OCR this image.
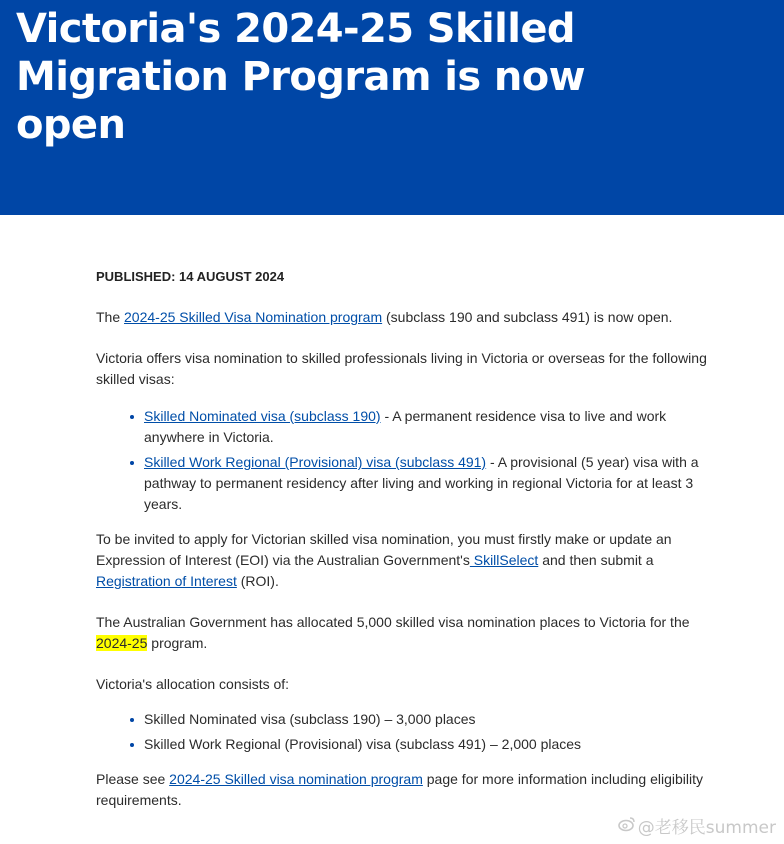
Victoria's 2024-25 Skilled Migration Program is now open
PUBLISHED: 14 AUGUST 2024

The 2024-25 Skilled Visa Nomination program (subclass 190 and subclass 491) is now open.

Victoria offers visa nomination to skilled professionals living in Victoria or overseas for the following skilled visas:

Skilled Nominated visa (subclass 190) - A permanent residence visa to live and work anywhere in Victoria.
Skilled Work Regional (Provisional) visa (subclass 491) - A provisional (5 year) visa with a pathway to permanent residency after living and working in regional Victoria for at least 3 years.

To be invited to apply for Victorian skilled visa nomination, you must firstly make or update an Expression of Interest (EOI) via the Australian Government's SkillSelect and then submit a Registration of Interest (ROI).

The Australian Government has allocated 5,000 skilled visa nomination places to Victoria for the 2024-25 program.

Victoria's allocation consists of:

Skilled Nominated visa (subclass 190) – 3,000 places
Skilled Work Regional (Provisional) visa (subclass 491) – 2,000 places

Please see 2024-25 Skilled visa nomination program page for more information including eligibility requirements.

@老移民summer
